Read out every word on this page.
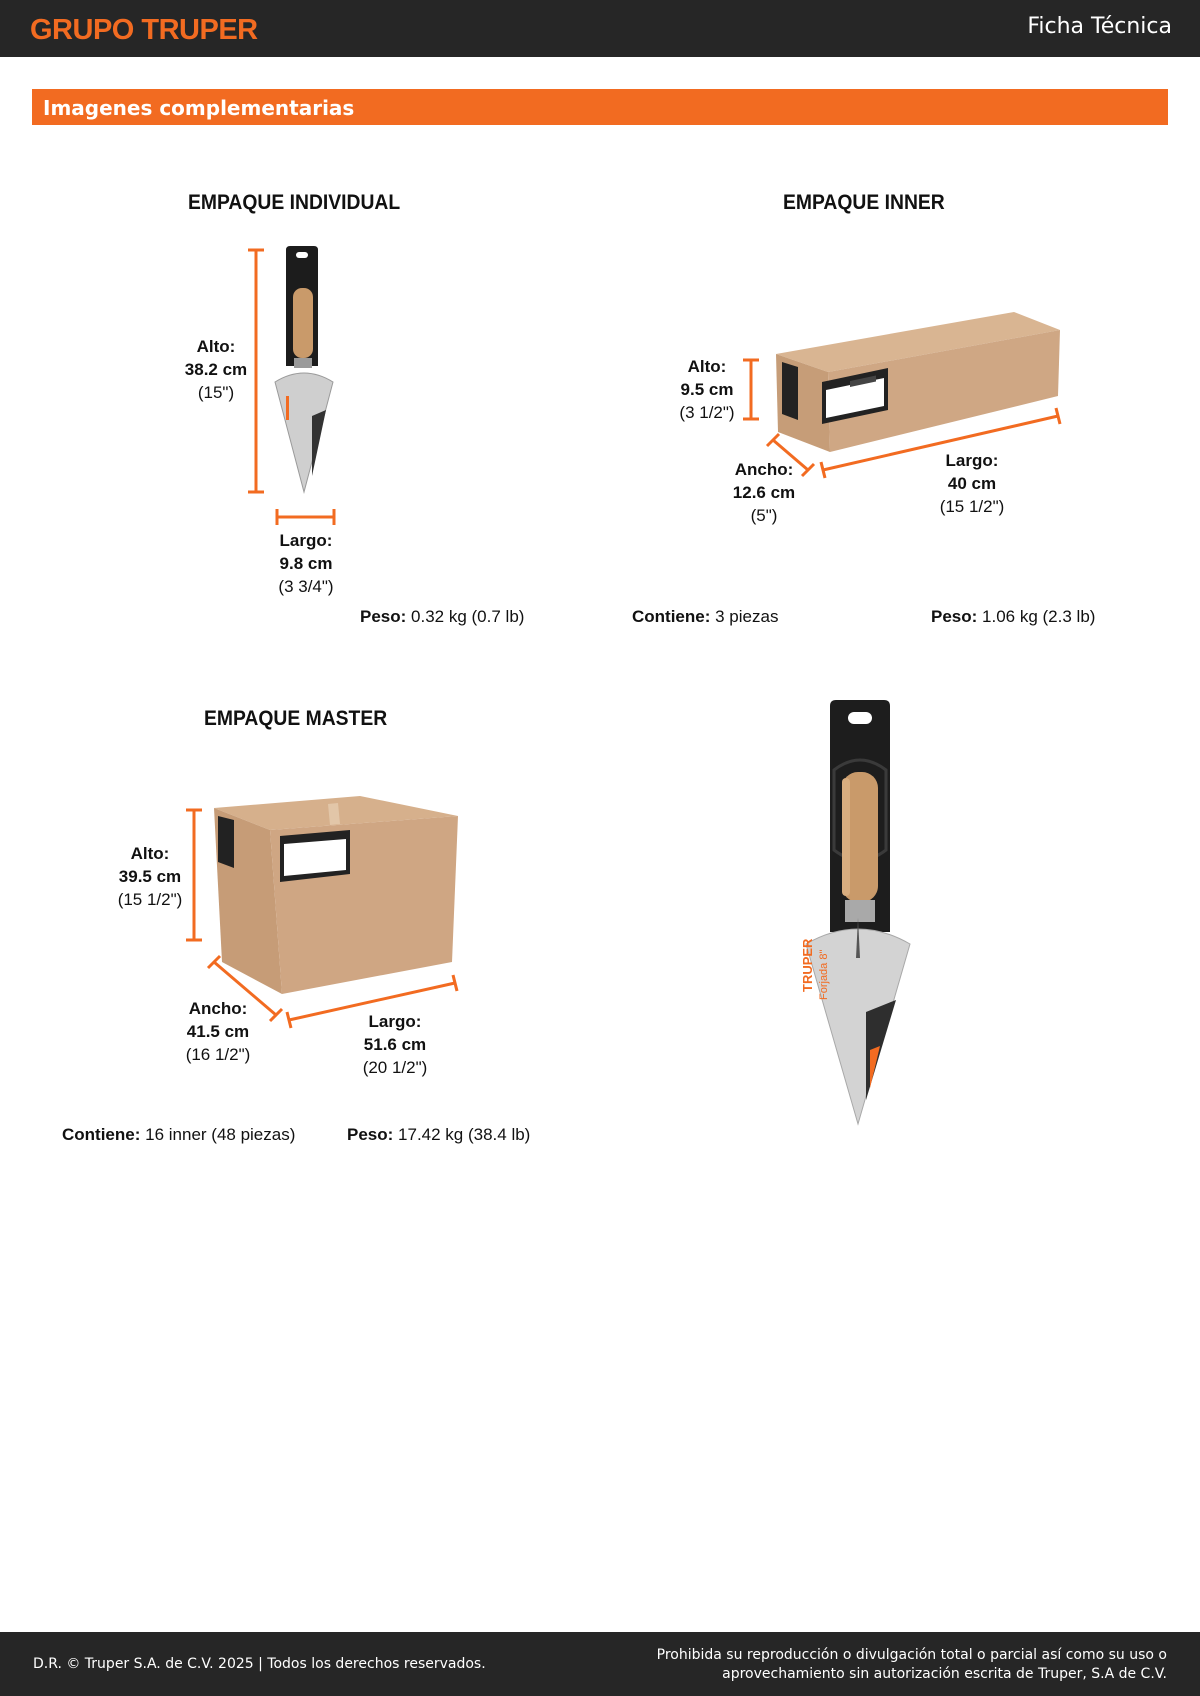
GRUPO TRUPER	Ficha Técnica
Imagenes complementarias
EMPAQUE INDIVIDUAL
Alto:
38.2 cm
(15")
Largo:
9.8 cm
(3 3/4")
Peso: 0.32 kg (0.7 lb)
EMPAQUE INNER
Alto:
9.5 cm
(3 1/2")
Ancho:
12.6 cm
(5")
Largo:
40 cm
(15 1/2")
Contiene: 3 piezas	Peso: 1.06 kg (2.3 lb)
EMPAQUE MASTER
Alto:
39.5 cm
(15 1/2")
Ancho:
41.5 cm
(16 1/2")
Largo:
51.6 cm
(20 1/2")
Contiene: 16 inner (48 piezas)	Peso: 17.42 kg (38.4 lb)
TRUPER Forjada 8"
D.R. © Truper S.A. de C.V. 2025 | Todos los derechos reservados.
Prohibida su reproducción o divulgación total o parcial así como su uso o
aprovechamiento sin autorización escrita de Truper, S.A de C.V.
